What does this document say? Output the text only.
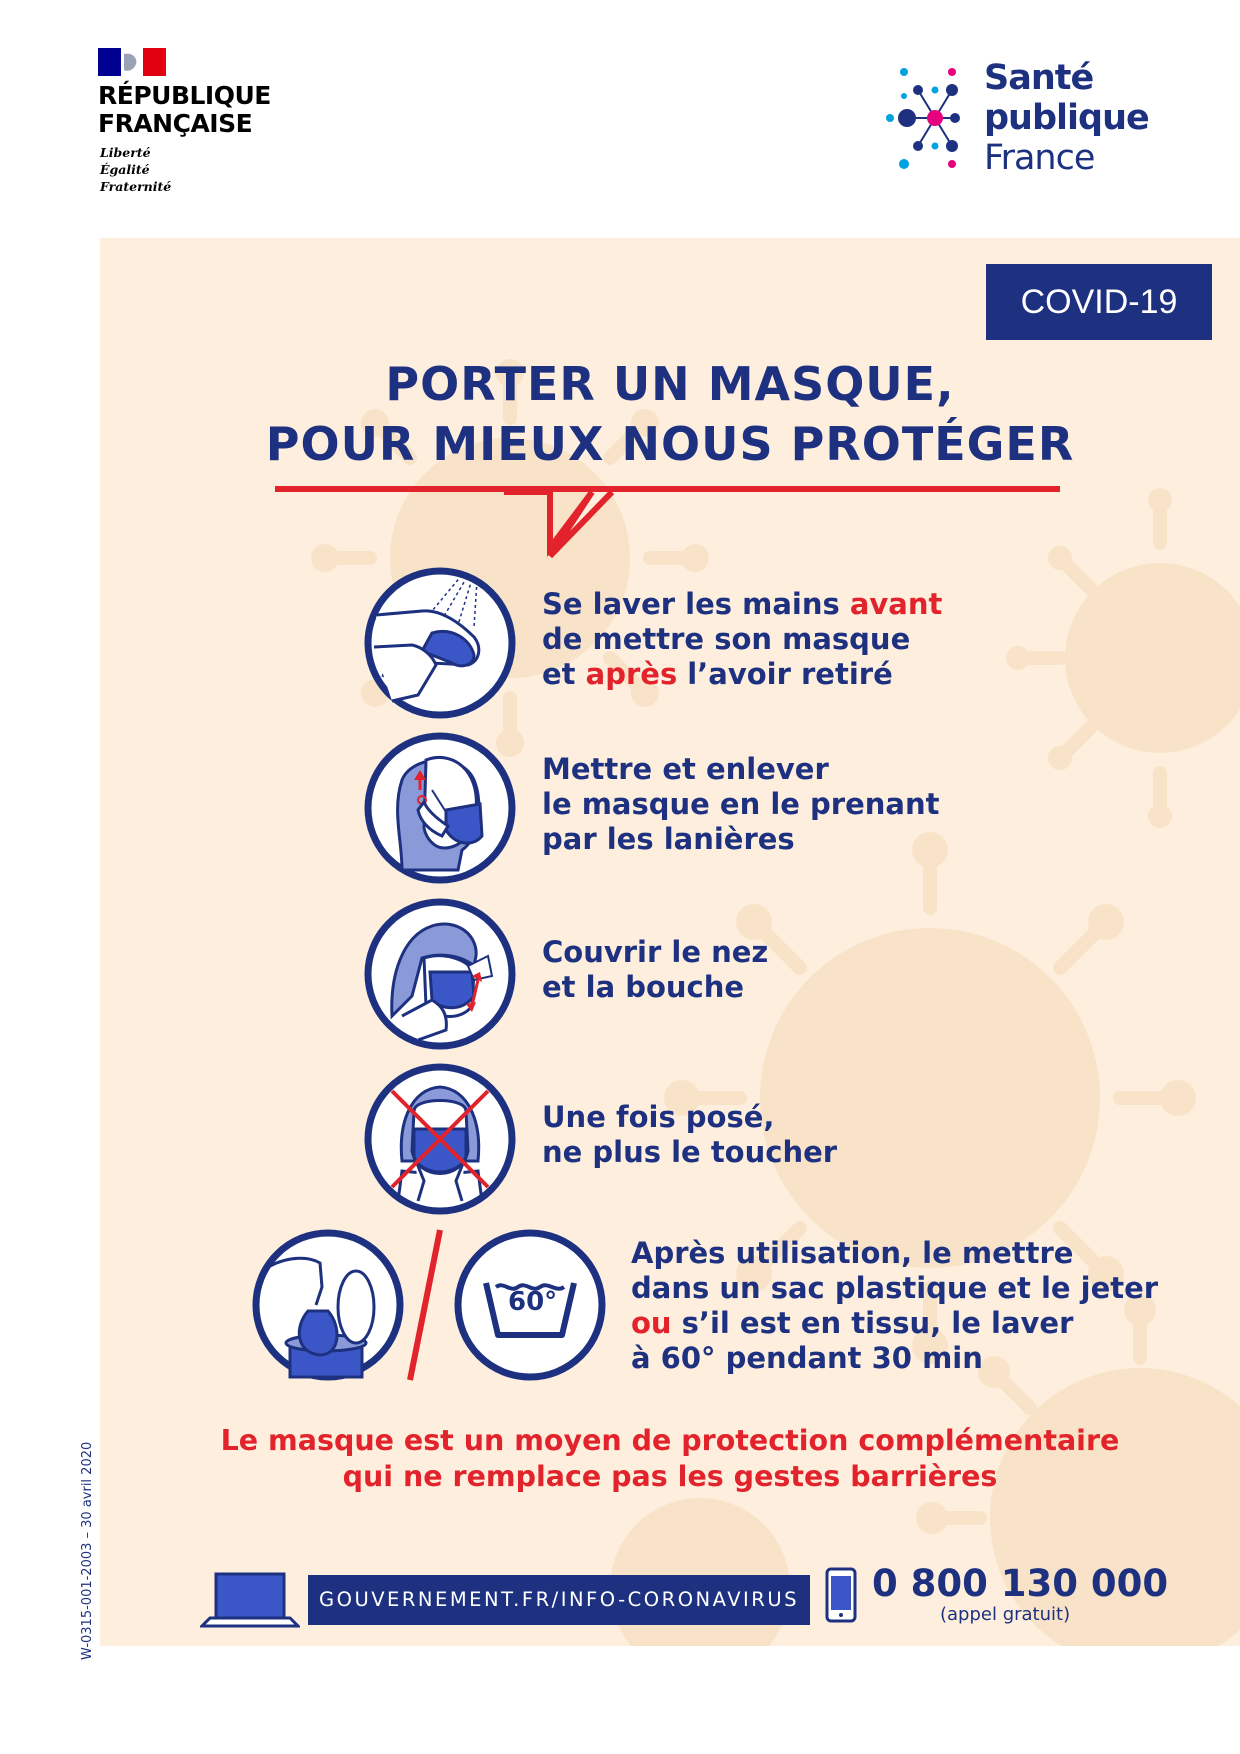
RÉPUBLIQUE
FRANÇAISE
Liberté
Égalité
Fraternité
Santé
publique
France
COVID-19
PORTER UN MASQUE,
POUR MIEUX NOUS PROTÉGER
Se laver les mains avant
de mettre son masque
et après l’avoir retiré
Mettre et enlever
le masque en le prenant
par les lanières
Couvrir le nez
et la bouche
Une fois posé,
ne plus le toucher
60°
Après utilisation, le mettre
dans un sac plastique et le jeter
ou s’il est en tissu, le laver
à 60° pendant 30 min
Le masque est un moyen de protection complémentaire
qui ne remplace pas les gestes barrières
GOUVERNEMENT.FR/INFO-CORONAVIRUS 0 800 130 000
(appel gratuit)
W-0315-001-2003 – 30 avril 2020
